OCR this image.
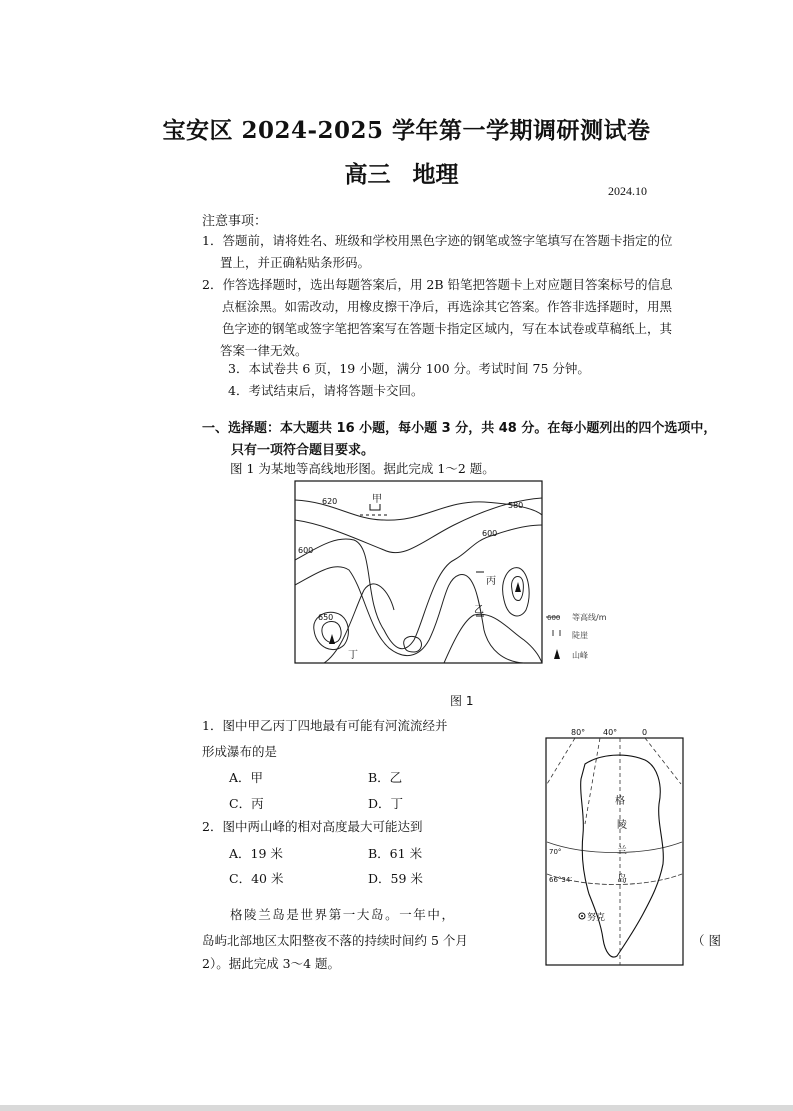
宝安区 2024-2025 学年第一学期调研测试卷
高三 地理
2024.10
注意事项：
1．答题前，请将姓名、班级和学校用黑色字迹的钢笔或签字笔填写在答题卡指定的位
置上，并正确粘贴条形码。
2．作答选择题时，选出每题答案后，用 2B 铅笔把答题卡上对应题目答案标号的信息
点框涂黑。如需改动，用橡皮擦干净后，再选涂其它答案。作答非选择题时，用黑
色字迹的钢笔或签字笔把答案写在答题卡指定区域内，写在本试卷或草稿纸上，其
答案一律无效。
3．本试卷共 6 页，19 小题，满分 100 分。考试时间 75 分钟。
4．考试结束后，请将答题卡交回。
一、选择题：本大题共 16 小题，每小题 3 分，共 48 分。在每小题列出的四个选项中，
只有一项符合题目要求。
图 1 为某地等高线地形图。据此完成 1～2 题。
620	580
600
600
650
甲
乙
丙
丁
600 等高线/m
陡崖
山峰
图 1
1．图中甲乙丙丁四地最有可能有河流流经并
形成瀑布的是
A．甲	B．乙
C．丙	D．丁
2．图中两山峰的相对高度最大可能达到
A．19 米	B．61 米
C．40 米	D．59 米
格陵兰岛是世界第一大岛。一年中，
岛屿北部地区太阳整夜不落的持续时间约 5 个月	（ 图
2）。据此完成 3～4 题。
80° 40°	0
70°
66°34′
格
陵
兰
岛
努克
